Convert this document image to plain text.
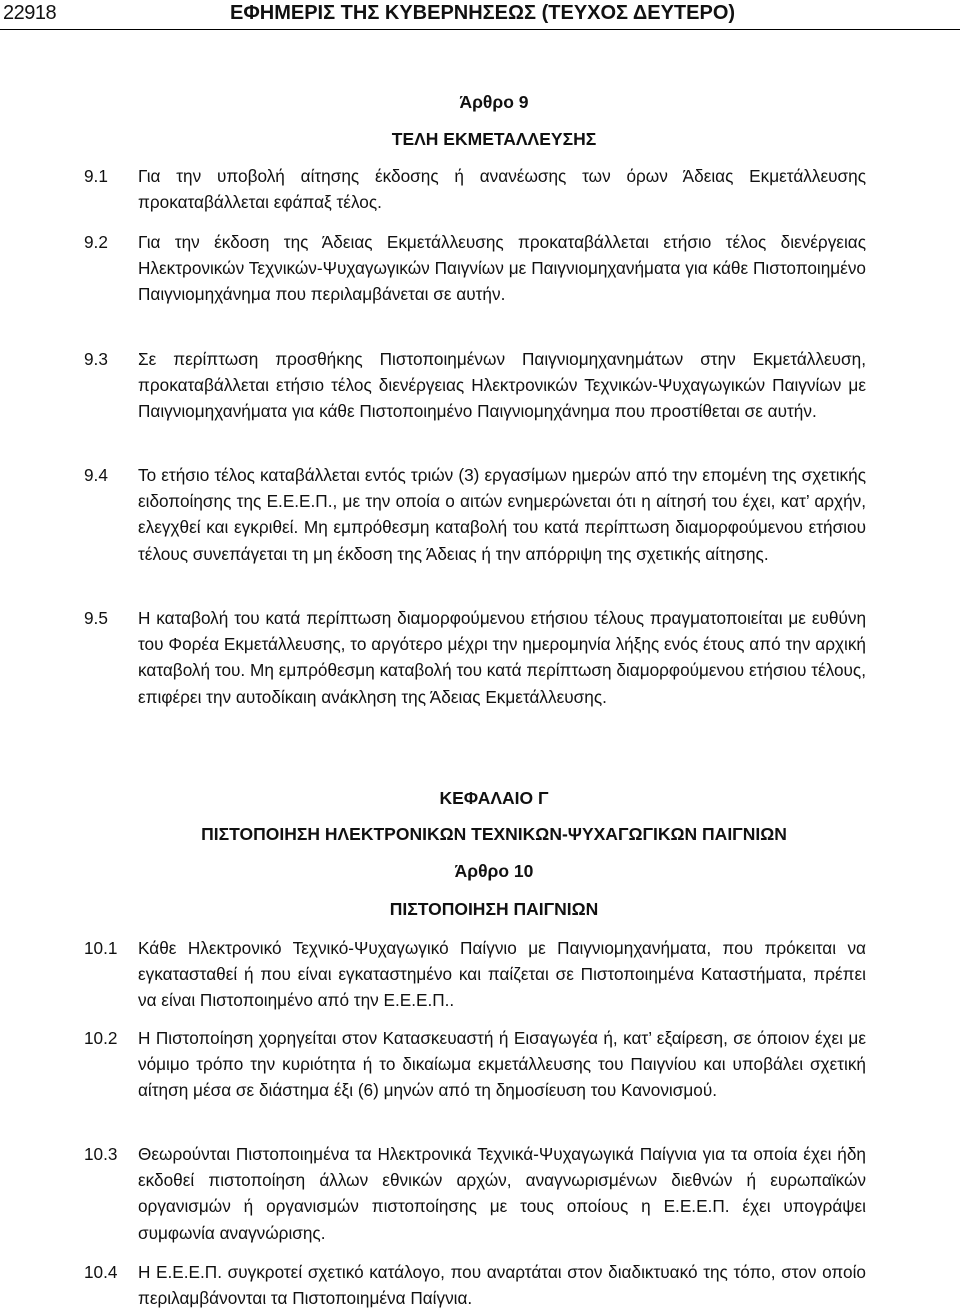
22918	ΕΦΗΜΕΡΙΣ ΤΗΣ ΚΥΒΕΡΝΗΣΕΩΣ (ΤΕΥΧΟΣ ΔΕΥΤΕΡΟ)
Άρθρο 9
ΤΕΛΗ ΕΚΜΕΤΑΛΛΕΥΣΗΣ
9.1	Για την υποβολή αίτησης έκδοσης ή ανανέωσης των όρων Άδειας Εκμετάλλευσης προκαταβάλλεται εφάπαξ τέλος.
9.2	Για την έκδοση της Άδειας Εκμετάλλευσης προκαταβάλλεται ετήσιο τέλος διενέργειας Ηλεκτρονικών Τεχνικών-Ψυχαγωγικών Παιγνίων με Παιγνιομηχανήματα για κάθε Πιστοποιημένο Παιγνιομηχάνημα που περιλαμβάνεται σε αυτήν.
9.3	Σε περίπτωση προσθήκης Πιστοποιημένων Παιγνιομηχανημάτων στην Εκμετάλλευση, προκαταβάλλεται ετήσιο τέλος διενέργειας Ηλεκτρονικών Τεχνικών-Ψυχαγωγικών Παιγνίων με Παιγνιομηχανήματα για κάθε Πιστοποιημένο Παιγνιομηχάνημα που προστίθεται σε αυτήν.
9.4	Το ετήσιο τέλος καταβάλλεται εντός τριών (3) εργασίμων ημερών από την επομένη της σχετικής ειδοποίησης της Ε.Ε.Ε.Π., με την οποία ο αιτών ενημερώνεται ότι η αίτησή του έχει, κατ’ αρχήν, ελεγχθεί και εγκριθεί. Μη εμπρόθεσμη καταβολή του κατά περίπτωση διαμορφούμενου ετήσιου τέλους συνεπάγεται τη μη έκδοση της Άδειας ή την απόρριψη της σχετικής αίτησης.
9.5	Η καταβολή του κατά περίπτωση διαμορφούμενου ετήσιου τέλους πραγματοποιείται με ευθύνη του Φορέα Εκμετάλλευσης, το αργότερο μέχρι την ημερομηνία λήξης ενός έτους από την αρχική καταβολή του. Μη εμπρόθεσμη καταβολή του κατά περίπτωση διαμορφούμενου ετήσιου τέλους, επιφέρει την αυτοδίκαιη ανάκληση της Άδειας Εκμετάλλευσης.
ΚΕΦΑΛΑΙΟ Γ
ΠΙΣΤΟΠΟΙΗΣΗ ΗΛΕΚΤΡΟΝΙΚΩΝ ΤΕΧΝΙΚΩΝ-ΨΥΧΑΓΩΓΙΚΩΝ ΠΑΙΓΝΙΩΝ
Άρθρο 10
ΠΙΣΤΟΠΟΙΗΣΗ ΠΑΙΓΝΙΩΝ
10.1	Κάθε Ηλεκτρονικό Τεχνικό-Ψυχαγωγικό Παίγνιο με Παιγνιομηχανήματα, που πρόκειται να εγκατασταθεί ή που είναι εγκαταστημένο και παίζεται σε Πιστοποιημένα Καταστήματα, πρέπει να είναι Πιστοποιημένο από την Ε.Ε.Ε.Π..
10.2	Η Πιστοποίηση χορηγείται στον Κατασκευαστή ή Εισαγωγέα ή, κατ’ εξαίρεση, σε όποιον έχει με νόμιμο τρόπο την κυριότητα ή το δικαίωμα εκμετάλλευσης του Παιγνίου και υποβάλει σχετική αίτηση μέσα σε διάστημα έξι (6) μηνών από τη δημοσίευση του Κανονισμού.
10.3	Θεωρούνται Πιστοποιημένα τα Ηλεκτρονικά Τεχνικά-Ψυχαγωγικά Παίγνια για τα οποία έχει ήδη εκδοθεί πιστοποίηση άλλων εθνικών αρχών, αναγνωρισμένων διεθνών ή ευρωπαϊκών οργανισμών ή οργανισμών πιστοποίησης με τους οποίους η Ε.Ε.Ε.Π. έχει υπογράψει συμφωνία αναγνώρισης.
10.4	Η Ε.Ε.Ε.Π. συγκροτεί σχετικό κατάλογο, που αναρτάται στον διαδικτυακό της τόπο, στον οποίο περιλαμβάνονται τα Πιστοποιημένα Παίγνια.
